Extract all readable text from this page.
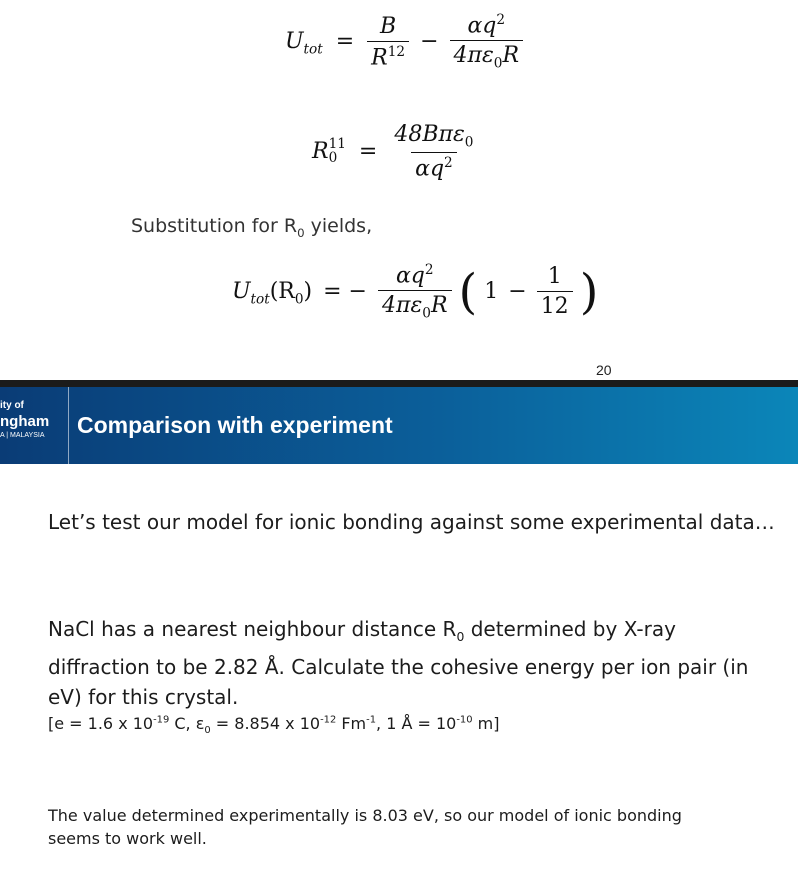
$U_{tot} = \frac{B}{R^{12}} - \frac{\alpha q^2}{4\pi\varepsilon_0R}$
R 11
$0 = \frac{48B\pi\varepsilon_0}{\alpha q^2}$
Substitution for $R_0$ yields,
$U_{tot}(R_0)$ = − $\frac{\alpha q^2}{4\pi\varepsilon_0R}$ ( $1 - \frac{1}{12}$ )
20
ity of
ngham
A | MALAYSIA Comparison with experiment
Let’s test our model for ionic bonding against some experimental data…
NaCl has a nearest neighbour distance $R_0$ determined by X-ray
diffraction to be 2.82 Å. Calculate the cohesive energy per ion pair (in
eV) for this crystal.
[e = 1.6 x $10^{-19}$ C, $\varepsilon_0 = 8.854$ x $10^{-12}$ $Fm^{-1}$, 1 Å = $10^{-10}$ m]
The value determined experimentally is 8.03 eV, so our model of ionic bonding
seems to work well.
